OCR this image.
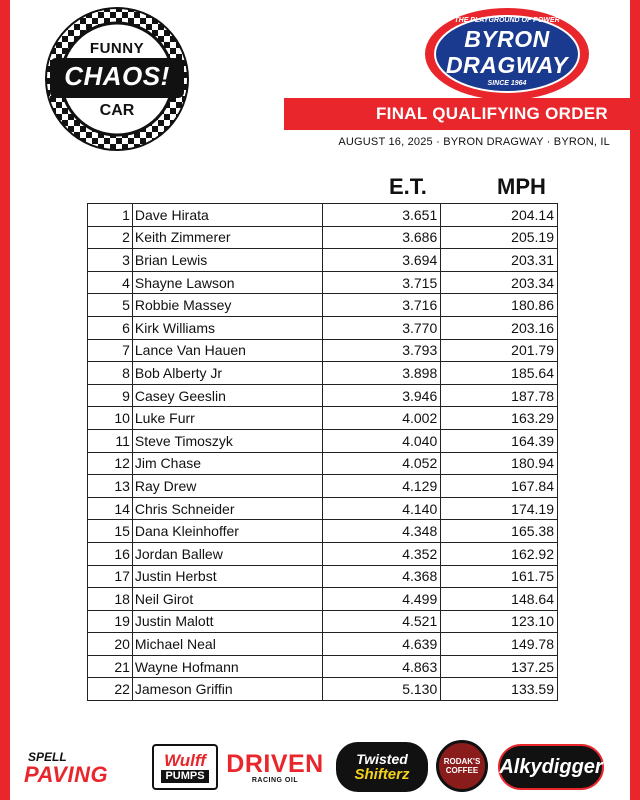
FUNNY
CHAOS!
CAR
THE PLAYGROUND OF POWER
BYRON
DRAGWAY
SINCE 1964
FINAL QUALIFYING ORDER
AUGUST 16, 2025 · BYRON DRAGWAY · BYRON, IL
E.T.	MPH
1	Dave Hirata	3.651	204.14
2	Keith Zimmerer	3.686	205.19
3	Brian Lewis	3.694	203.31
4	Shayne Lawson	3.715	203.34
5	Robbie Massey	3.716	180.86
6	Kirk Williams	3.770	203.16
7	Lance Van Hauen	3.793	201.79
8	Bob Alberty Jr	3.898	185.64
9	Casey Geeslin	3.946	187.78
10	Luke Furr	4.002	163.29
11	Steve Timoszyk	4.040	164.39
12	Jim Chase	4.052	180.94
13	Ray Drew	4.129	167.84
14	Chris Schneider	4.140	174.19
15	Dana Kleinhoffer	4.348	165.38
16	Jordan Ballew	4.352	162.92
17	Justin Herbst	4.368	161.75
18	Neil Girot	4.499	148.64
19	Justin Malott	4.521	123.10
20	Michael Neal	4.639	149.78
21	Wayne Hofmann	4.863	137.25
22	Jameson Griffin	5.130	133.59
SPELL
PAVING
Wulff
PUMPS DRIVEN
RACING OIL
Twisted
Shifterz
RODAK'S
COFFEE Alkydigger
